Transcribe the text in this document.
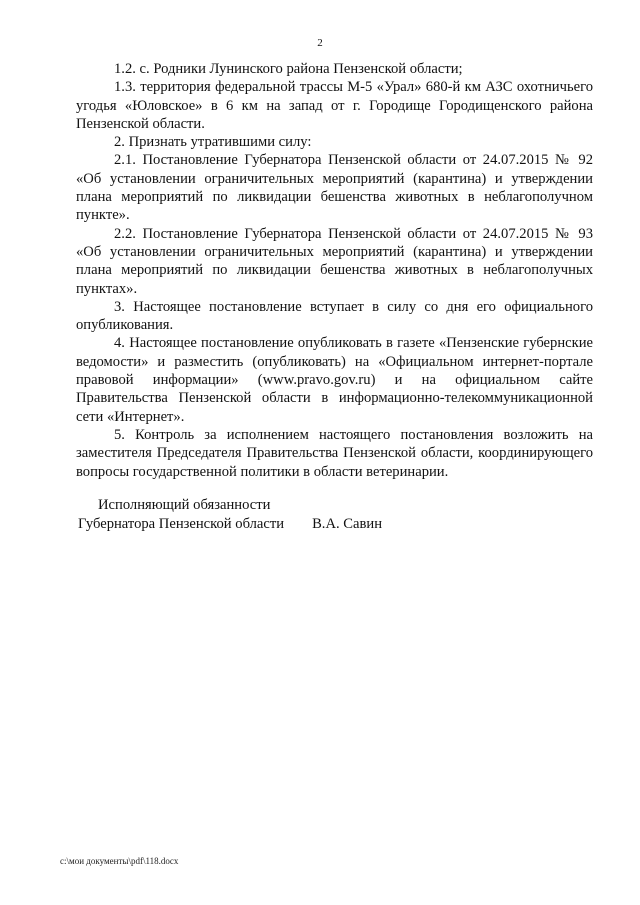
2

1.2. с. Родники Лунинского района Пензенской области;

1.3. территория федеральной трассы М-5 «Урал» 680-й км АЗС охотничьего угодья «Юловское» в 6 км на запад от г. Городище Городищенского района Пензенской области.

2. Признать утратившими силу:

2.1. Постановление Губернатора Пензенской области от 24.07.2015 № 92 «Об установлении ограничительных мероприятий (карантина) и утверждении плана мероприятий по ликвидации бешенства животных в неблагополучном пункте».

2.2. Постановление Губернатора Пензенской области от 24.07.2015 № 93 «Об установлении ограничительных мероприятий (карантина) и утверждении плана мероприятий по ликвидации бешенства животных в неблагополучных пунктах».

3. Настоящее постановление вступает в силу со дня его официального опубликования.

4. Настоящее постановление опубликовать в газете «Пензенские губернские ведомости» и разместить (опубликовать) на «Официальном интернет-портале правовой информации» (www.pravo.gov.ru) и на официальном сайте Правительства Пензенской области в информационно-телекоммуникационной сети «Интернет».

5. Контроль за исполнением настоящего постановления возложить на заместителя Председателя Правительства Пензенской области, координирующего вопросы государственной политики в области ветеринарии.

Исполняющий обязанности
Губернатора Пензенской области В.А. Савин
c:\мои документы\pdf\118.docx
